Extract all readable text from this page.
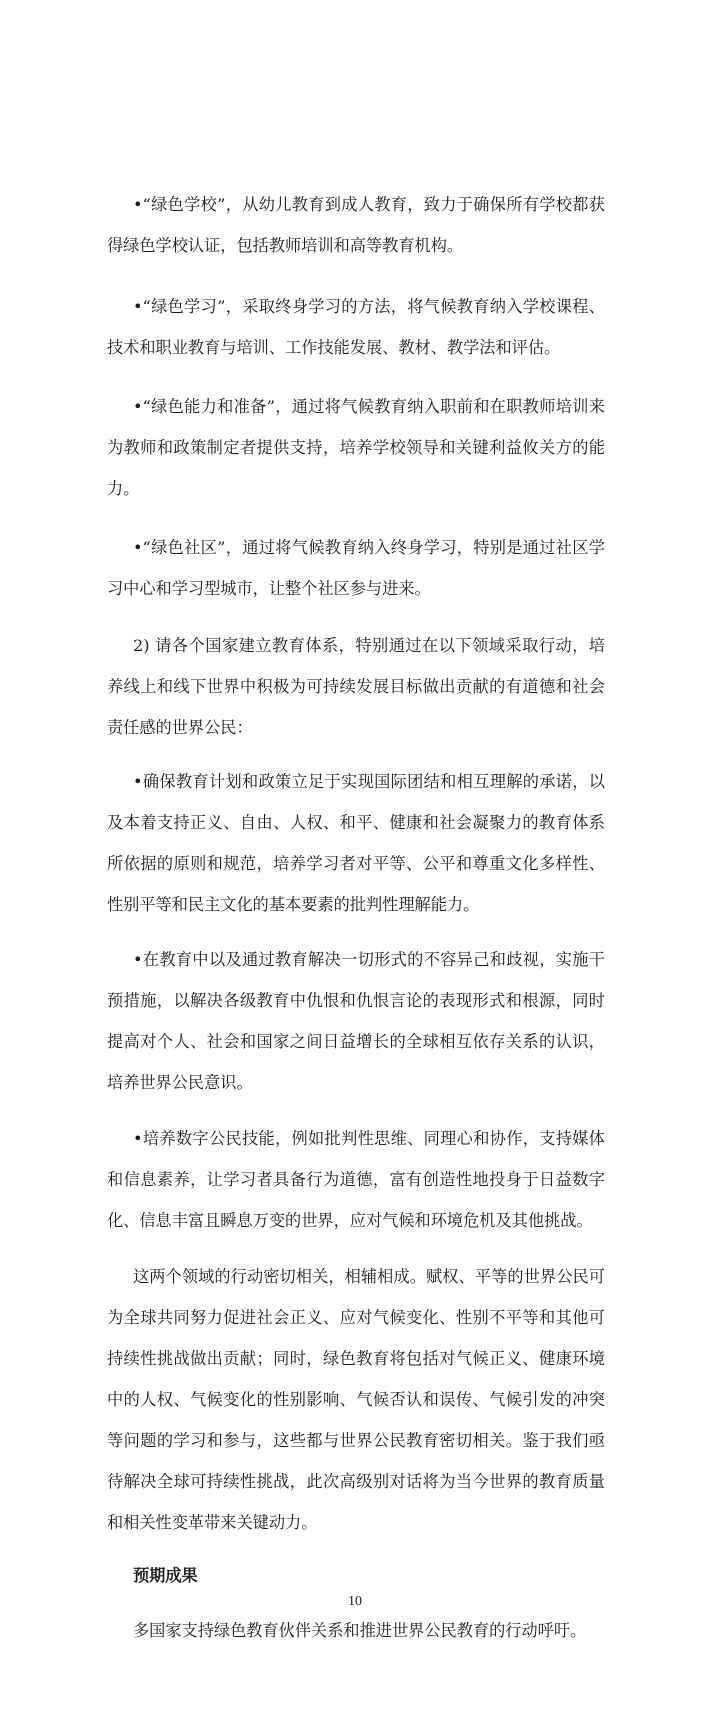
•“绿色学校”，从幼儿教育到成人教育，致力于确保所有学校都获得绿色学校认证，包括教师培训和高等教育机构。

•“绿色学习”，采取终身学习的方法，将气候教育纳入学校课程、技术和职业教育与培训、工作技能发展、教材、教学法和评估。

•“绿色能力和准备”，通过将气候教育纳入职前和在职教师培训来为教师和政策制定者提供支持，培养学校领导和关键利益攸关方的能力。

•“绿色社区”，通过将气候教育纳入终身学习，特别是通过社区学习中心和学习型城市，让整个社区参与进来。

2) 请各个国家建立教育体系，特别通过在以下领域采取行动，培养线上和线下世界中积极为可持续发展目标做出贡献的有道德和社会责任感的世界公民：

•确保教育计划和政策立足于实现国际团结和相互理解的承诺，以及本着支持正义、自由、人权、和平、健康和社会凝聚力的教育体系所依据的原则和规范，培养学习者对平等、公平和尊重文化多样性、性别平等和民主文化的基本要素的批判性理解能力。

•在教育中以及通过教育解决一切形式的不容异己和歧视，实施干预措施，以解决各级教育中仇恨和仇恨言论的表现形式和根源，同时提高对个人、社会和国家之间日益增长的全球相互依存关系的认识，培养世界公民意识。

•培养数字公民技能，例如批判性思维、同理心和协作，支持媒体和信息素养，让学习者具备行为道德，富有创造性地投身于日益数字化、信息丰富且瞬息万变的世界，应对气候和环境危机及其他挑战。

这两个领域的行动密切相关，相辅相成。赋权、平等的世界公民可为全球共同努力促进社会正义、应对气候变化、性别不平等和其他可持续性挑战做出贡献；同时，绿色教育将包括对气候正义、健康环境中的人权、气候变化的性别影响、气候否认和误传、气候引发的冲突等问题的学习和参与，这些都与世界公民教育密切相关。鉴于我们亟待解决全球可持续性挑战，此次高级别对话将为当今世界的教育质量和相关性变革带来关键动力。

预期成果

多国家支持绿色教育伙伴关系和推进世界公民教育的行动呼吁。

10
